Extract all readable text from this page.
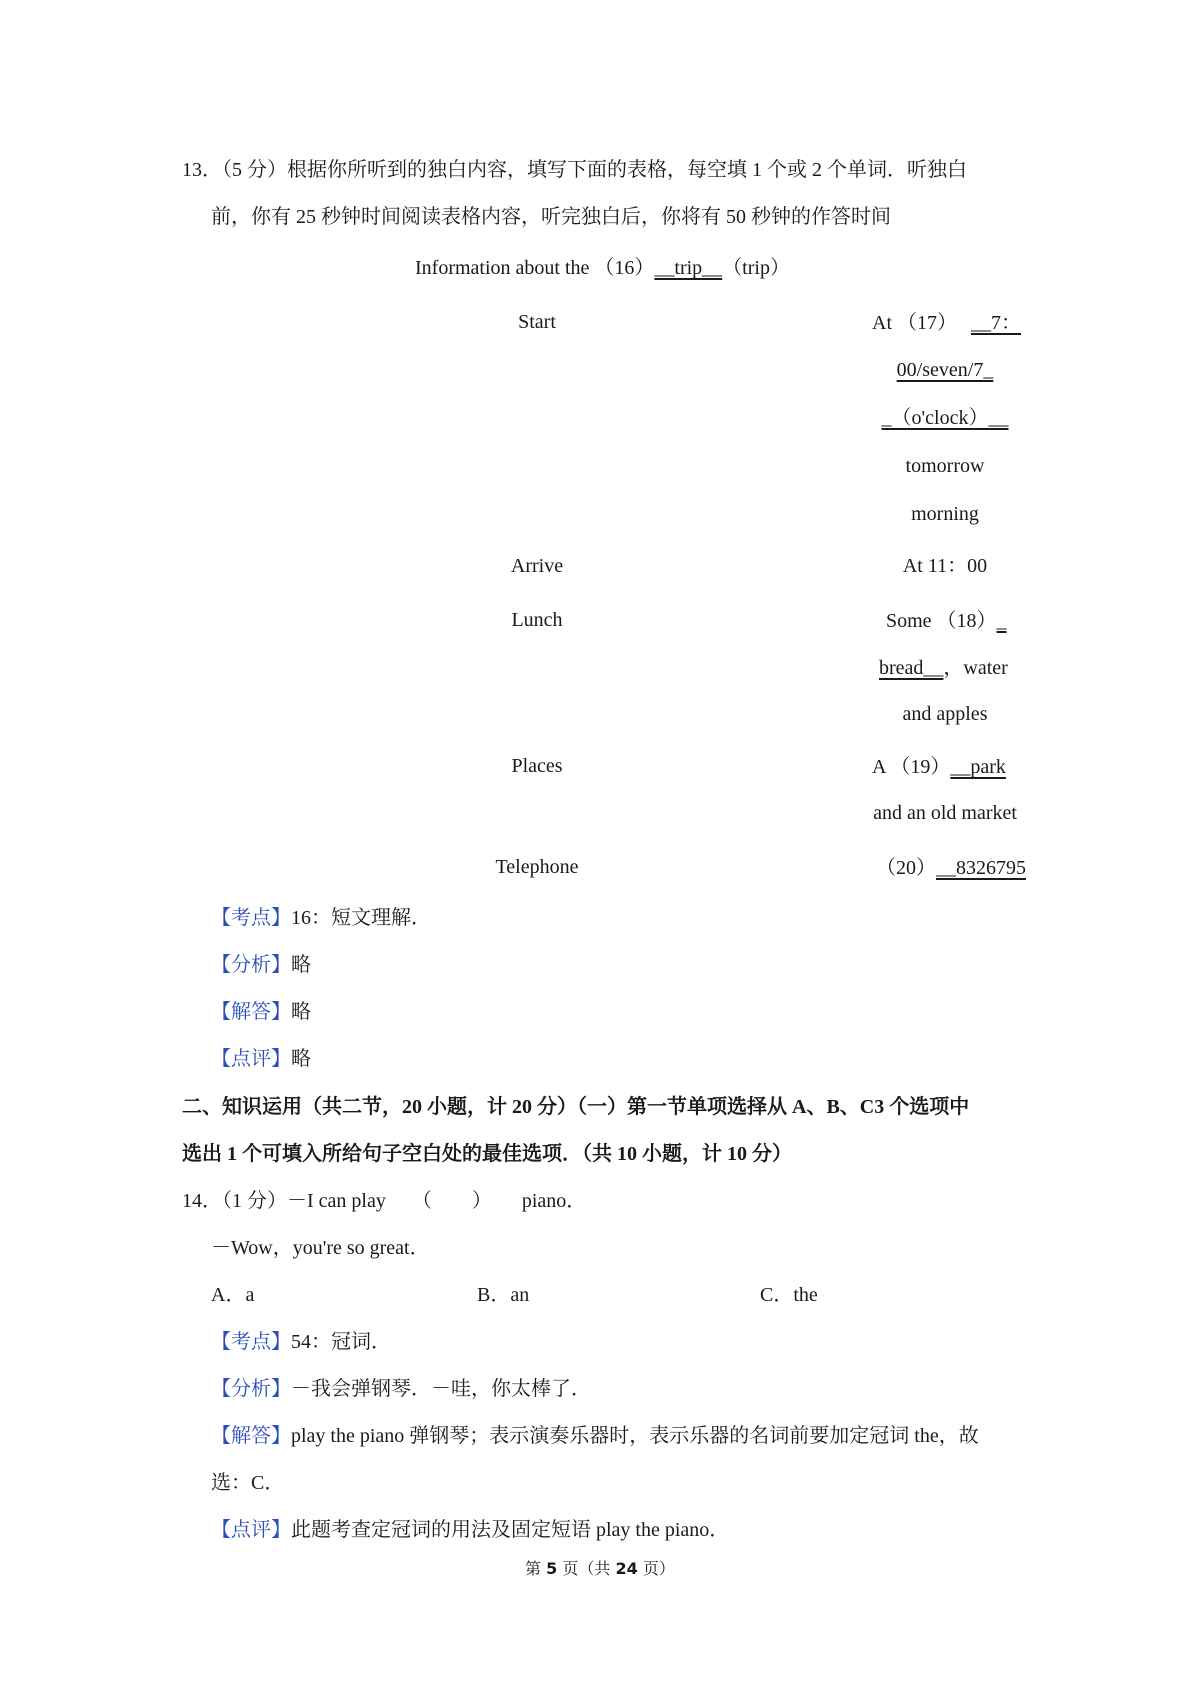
13．（5 分）根据你所听到的独白内容，填写下面的表格，每空填 1 个或 2 个单词．听独白
前，你有 25 秒钟时间阅读表格内容，听完独白后，你将有 50 秒钟的作答时间
Information about the （16）__trip__（trip）
Start	At （17） __7：
00/seven/7_
_（o'clock）__
tomorrow
morning
Arrive	At 11：00
Lunch	Some （18）_
bread__，water
and apples
Places	A （19）__park
and an old market
Telephone	（20）__8326795
【考点】16：短文理解．
【分析】略
【解答】略
【点评】略
二、知识运用（共二节，20 小题，计 20 分）（一）第一节单项选择从 A、B、C3 个选项中
选出 1 个可填入所给句子空白处的最佳选项．（共 10 小题，计 10 分）
14．（1 分）－I can play （　　） piano．
－Wow，you're so great．
A．a	B．an	C．the
【考点】54：冠词．
【分析】－我会弹钢琴．－哇，你太棒了．
【解答】play the piano 弹钢琴；表示演奏乐器时，表示乐器的名词前要加定冠词 the，故
选：C．
【点评】此题考查定冠词的用法及固定短语 play the piano．
第 5 页（共 24 页）
